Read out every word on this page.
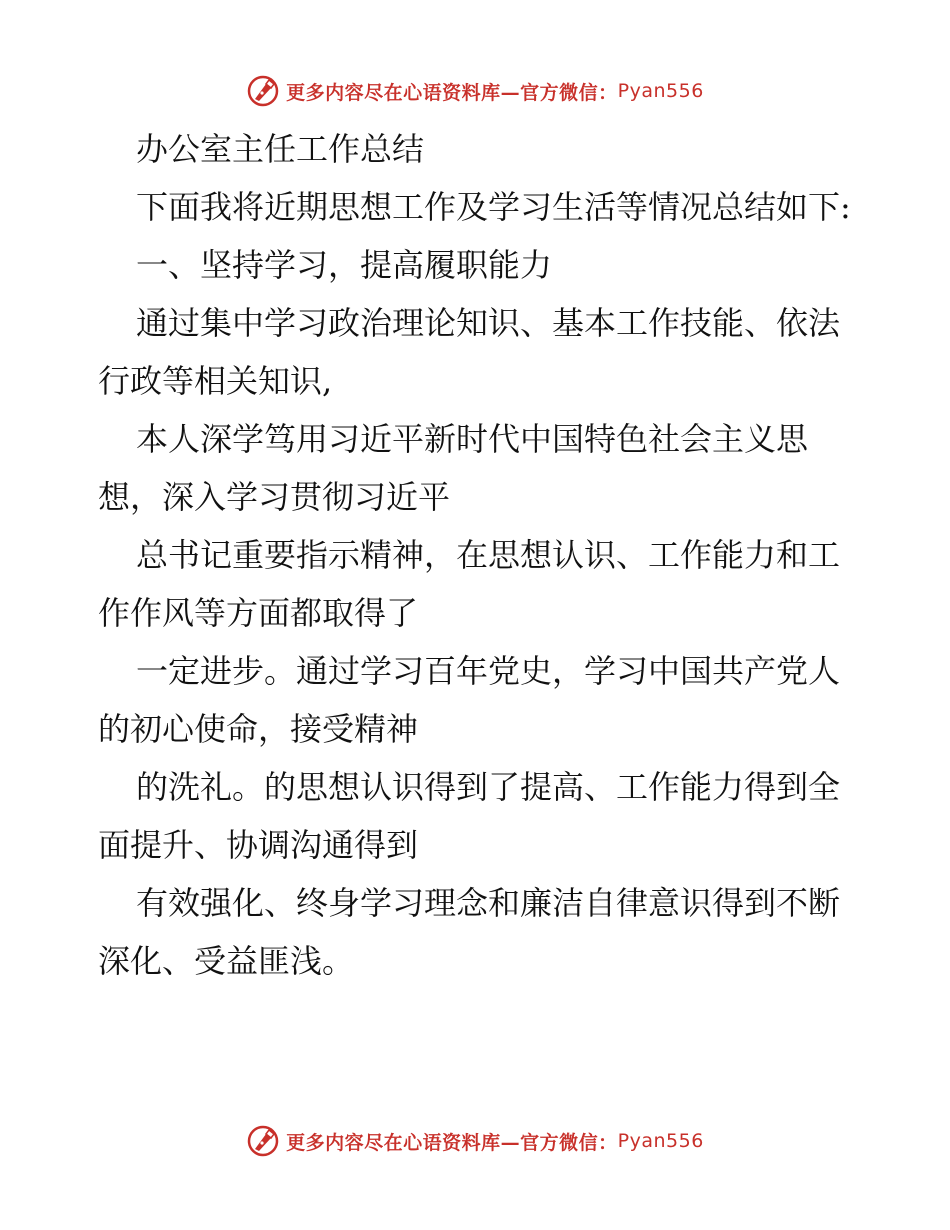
更多内容尽在心语资料库—官方微信： Pyan556

办公室主任工作总结

下面我将近期思想工作及学习生活等情况总结如下:

一、坚持学习，提高履职能力

通过集中学习政治理论知识、基本工作技能、依法行政等相关知识,

本人深学笃用习近平新时代中国特色社会主义思想，深入学习贯彻习近平

总书记重要指示精神，在思想认识、工作能力和工作作风等方面都取得了

一定进步。通过学习百年党史，学习中国共产党人的初心使命，接受精神

的洗礼。的思想认识得到了提高、工作能力得到全面提升、协调沟通得到

有效强化、终身学习理念和廉洁自律意识得到不断深化、受益匪浅。

更多内容尽在心语资料库—官方微信： Pyan556
